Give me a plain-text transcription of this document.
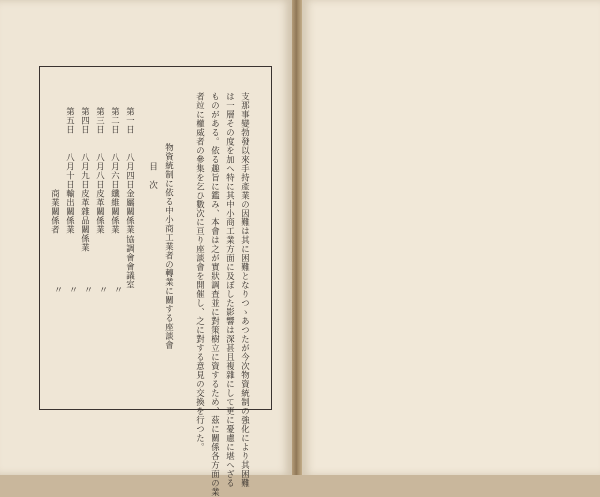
支那事變勃發以來手持產業の因難は其に困難となりつゝあつたが今次物資統制の強化により其困難
は一層その度を加へ特に其中小商工業方面に及ぼした影響は深甚且複雜にして更に憂慮に堪へざる
ものがある。依る趣旨に鑑み、本會は之が實狀調査並に對策樹立に資するため、茲に關係各方面の業
者竝に權威者の參集を乞ひ數次に亘り座談會を開催し、之に對する意見の交換を行つた。
物資統制に依る中小商工業者の轉業に關する座談會
目　次
第一日
八月四日
金屬關係業
協調會會議室
第二日
八月六日
纖維關係業
〃
第三日
八月八日
皮革關係業
〃
第四日
八月九日
皮革雜品關係業
〃
第五日
八月十日
輸出關係業
〃
商業關係者
〃
